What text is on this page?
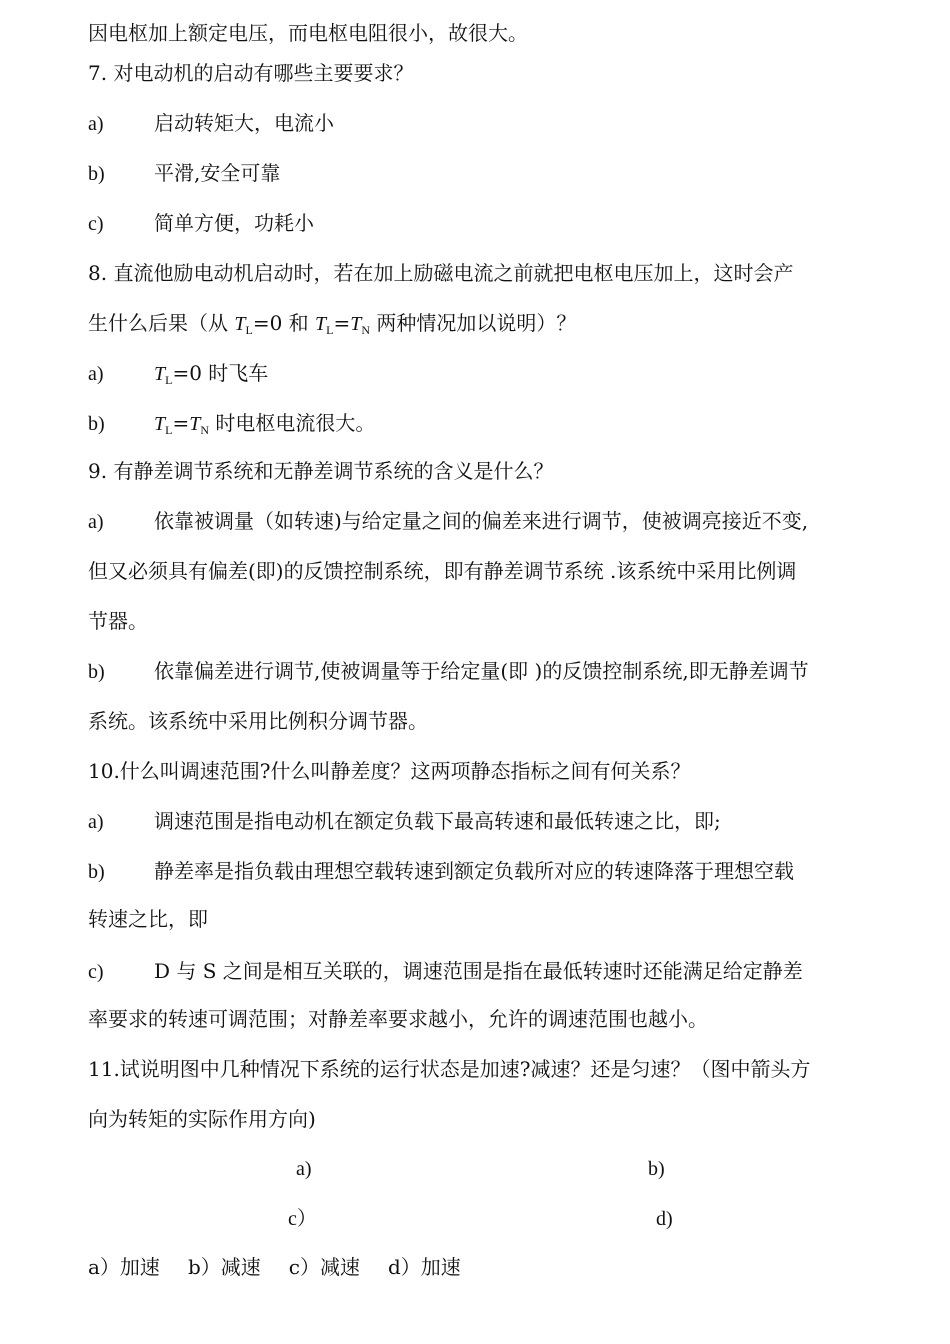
因电枢加上额定电压，而电枢电阻很小，故很大。
7. 对电动机的启动有哪些主要要求？
a)	启动转矩大，电流小
b) 平滑,安全可靠
c)	简单方便，功耗小
8. 直流他励电动机启动时，若在加上励磁电流之前就把电枢电压加上，这时会产
生什么后果（从 $T_L=0$ 和 $T_L=T_N$ 两种情况加以说明）？
a)	$T_L=0$ 时飞车
b) $T_L=T_N$ 时电枢电流很大。
9. 有静差调节系统和无静差调节系统的含义是什么？
a)	依靠被调量（如转速)与给定量之间的偏差来进行调节，使被调亮接近不变,
但又必须具有偏差(即)的反馈控制系统，即有静差调节系统 .该系统中采用比例调
节器。
b) 依靠偏差进行调节,使被调量等于给定量(即 )的反馈控制系统,即无静差调节
系统。该系统中采用比例积分调节器。
10.什么叫调速范围?什么叫静差度？这两项静态指标之间有何关系？
a)	调速范围是指电动机在额定负载下最高转速和最低转速之比，即;
b) 静差率是指负载由理想空载转速到额定负载所对应的转速降落于理想空载
转速之比，即
c)	D 与 S 之间是相互关联的，调速范围是指在最低转速时还能满足给定静差
率要求的转速可调范围；对静差率要求越小，允许的调速范围也越小。
11.试说明图中几种情况下系统的运行状态是加速?减速？还是匀速？（图中箭头方
向为转矩的实际作用方向)
a)	b)
c）	d)
a）加速 b）减速 c）减速 d）加速
